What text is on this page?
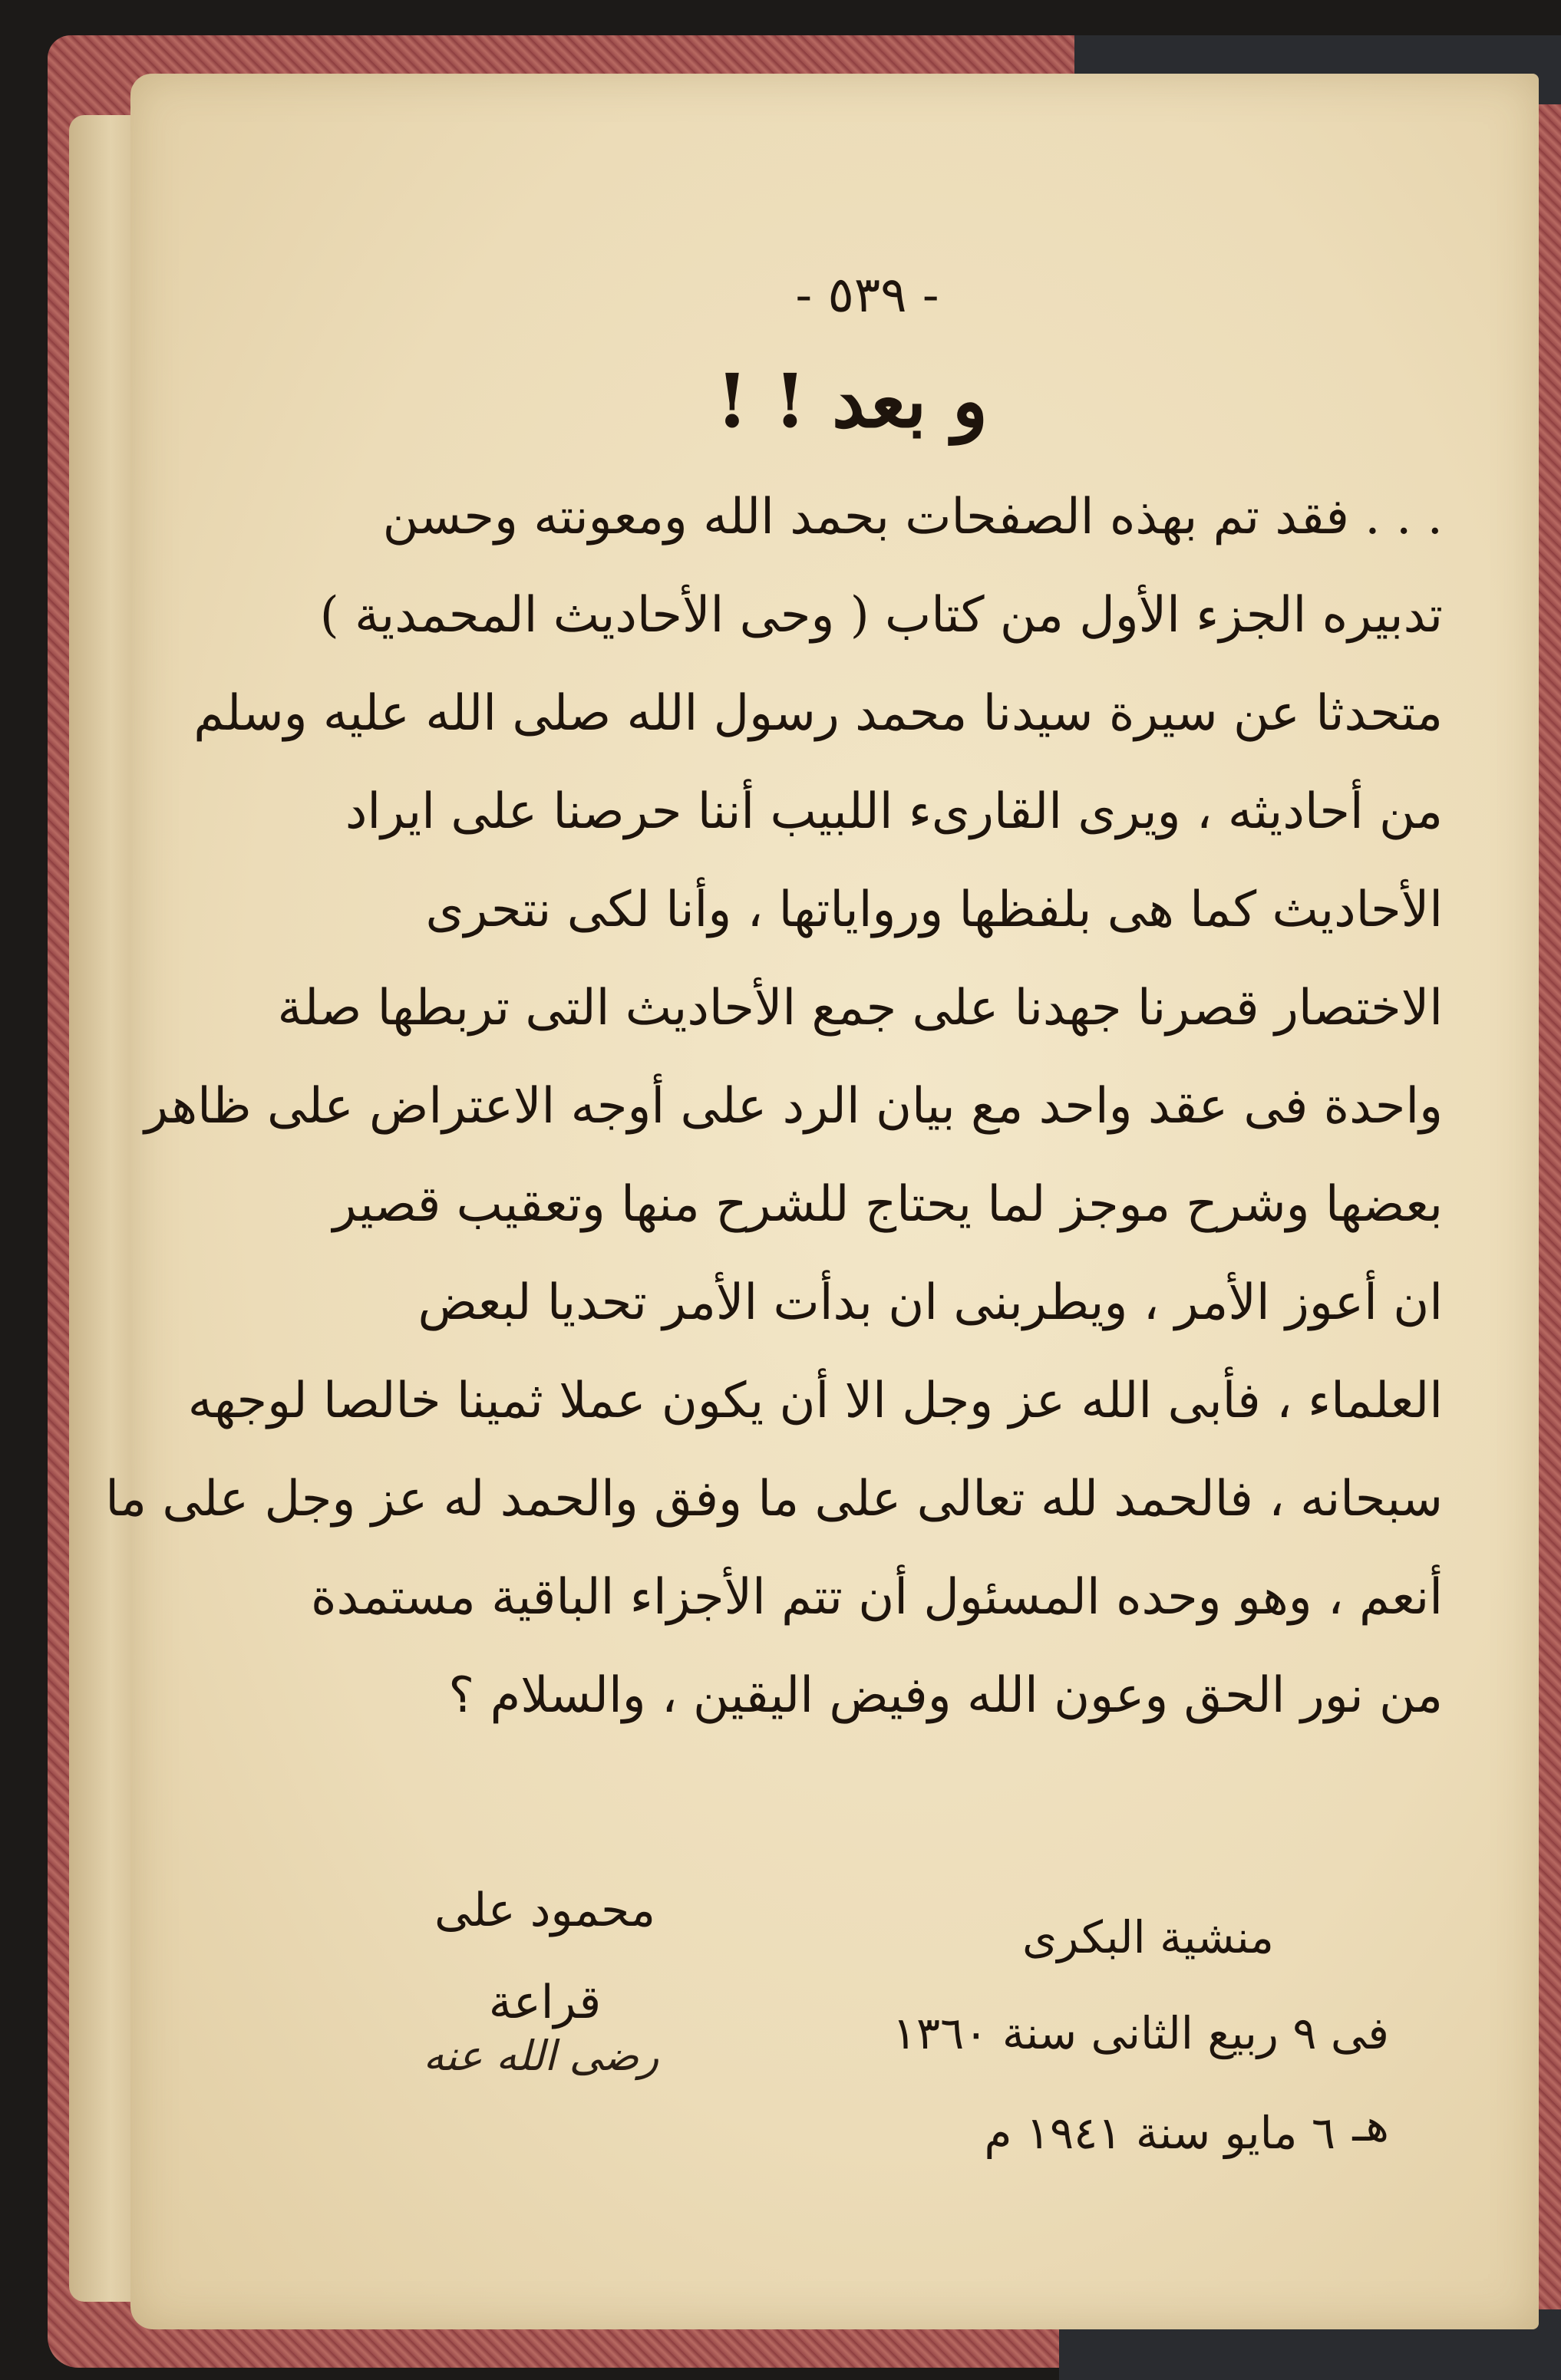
- ٥٣٩ -
و بعد ! !
. . . فقد تم بهذه الصفحات بحمد الله ومعونته وحسن
تدبيره الجزء الأول من كتاب ( وحى الأحاديث المحمدية )
متحدثا عن سيرة سيدنا محمد رسول الله صلى الله عليه وسلم
من أحاديثه ، ويرى القارىء اللبيب أننا حرصنا على ايراد
الأحاديث كما هى بلفظها ورواياتها ، وأنا لكى نتحرى
الاختصار قصرنا جهدنا على جمع الأحاديث التى تربطها صلة
واحدة فى عقد واحد مع بيان الرد على أوجه الاعتراض على ظاهر
بعضها وشرح موجز لما يحتاج للشرح منها وتعقيب قصير
ان أعوز الأمر ، ويطربنى ان بدأت الأمر تحديا لبعض
العلماء ، فأبى الله عز وجل الا أن يكون عملا ثمينا خالصا لوجهه
سبحانه ، فالحمد لله تعالى على ما وفق والحمد له عز وجل على ما
أنعم ، وهو وحده المسئول أن تتم الأجزاء الباقية مستمدة
من نور الحق وعون الله وفيض اليقين ، والسلام ؟
محمود على قراعة
رضى الله عنه
منشية البكرى
فى ٩ ربيع الثانى سنة ١٣٦٠ هـ
٦ مايو سنة ١٩٤١ م
